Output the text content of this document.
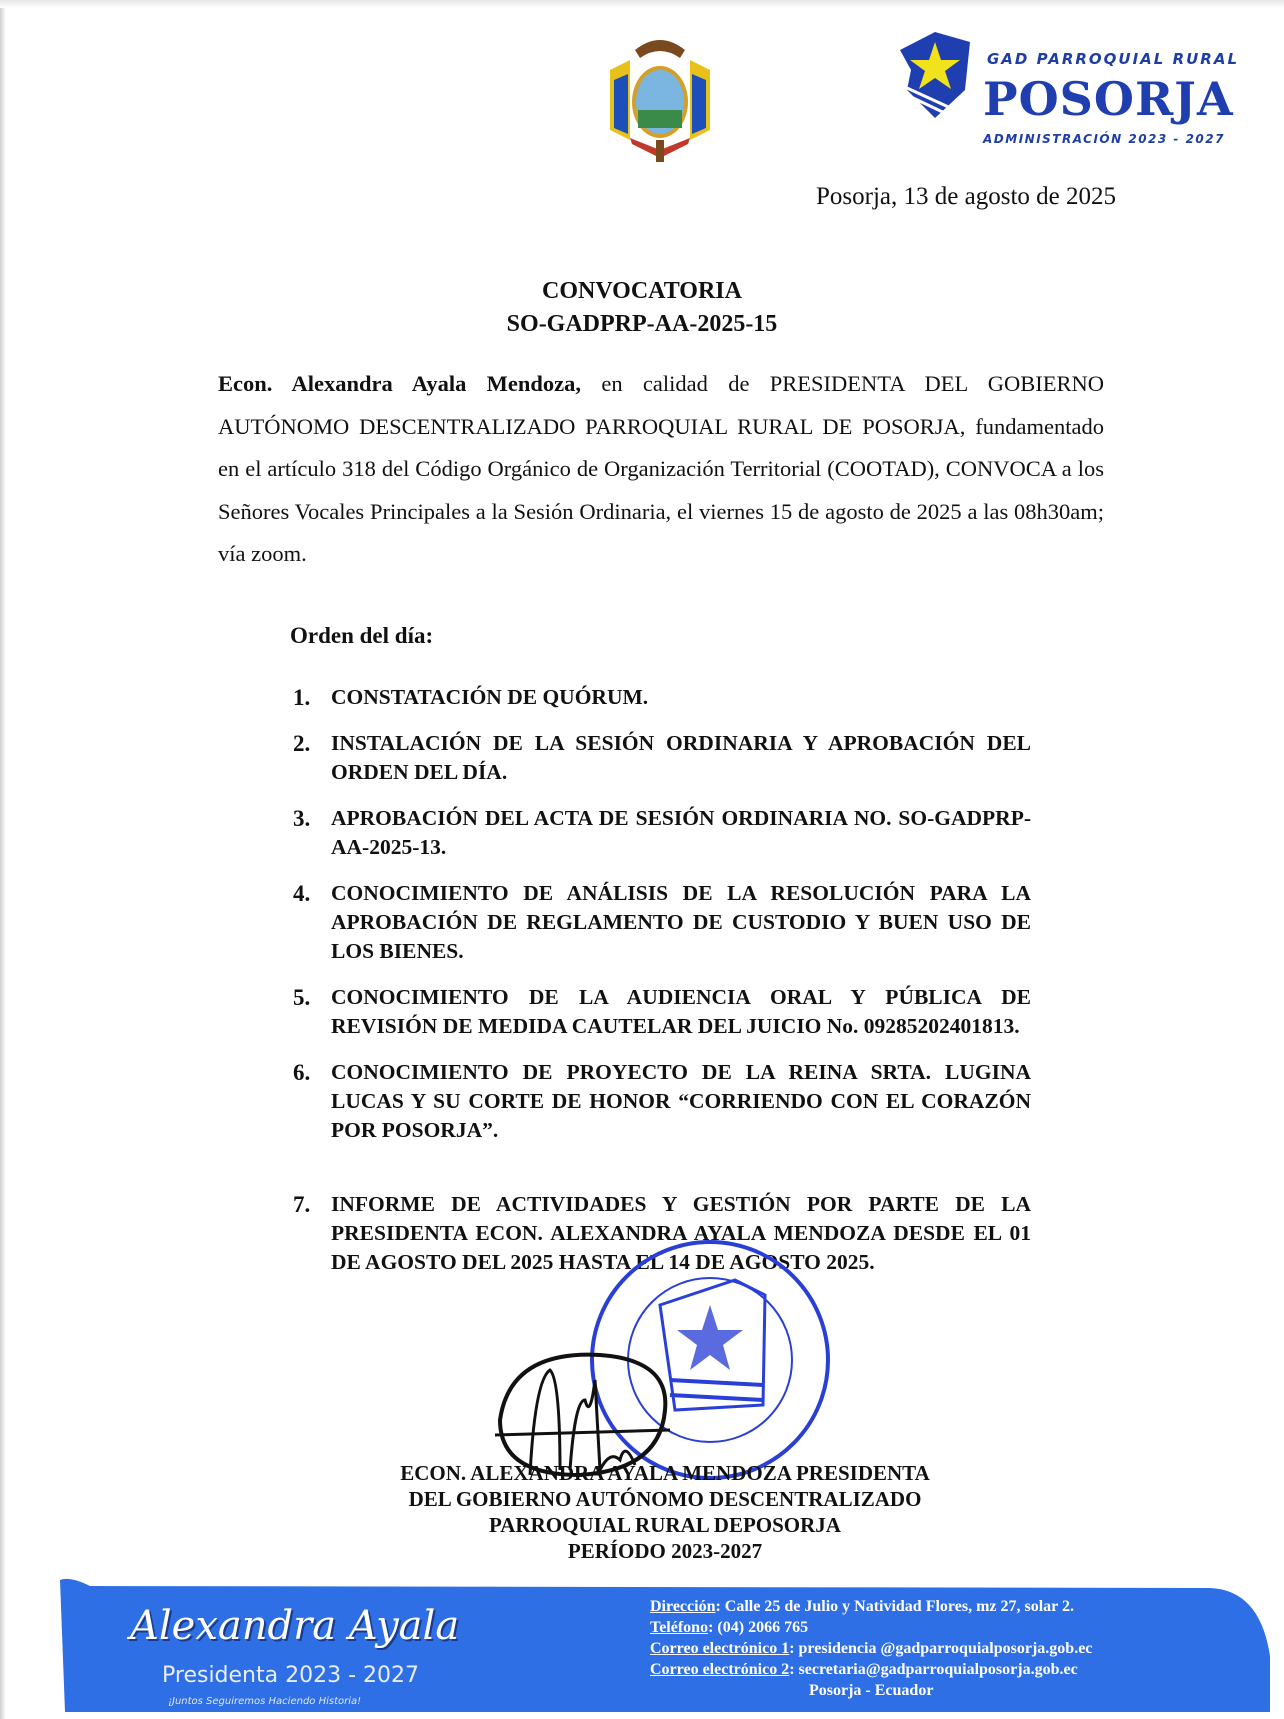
GAD PARROQUIAL RURAL
POSORJA
ADMINISTRACIÓN 2023 - 2027
Posorja, 13 de agosto de 2025
CONVOCATORIA
SO-GADPRP-AA-2025-15
Econ. Alexandra Ayala Mendoza, en calidad de PRESIDENTA DEL GOBIERNO AUTÓNOMO DESCENTRALIZADO PARROQUIAL RURAL DE POSORJA, fundamentado en el artículo 318 del Código Orgánico de Organización Territorial (COOTAD), CONVOCA a los Señores Vocales Principales a la Sesión Ordinaria, el viernes 15 de agosto de 2025 a las 08h30am; vía zoom.
Orden del día:
1. CONSTATACIÓN DE QUÓRUM.
2. INSTALACIÓN DE LA SESIÓN ORDINARIA Y APROBACIÓN DEL ORDEN DEL DÍA.
3. APROBACIÓN DEL ACTA DE SESIÓN ORDINARIA NO. SO-GADPRP-AA-2025-13.
4. CONOCIMIENTO DE ANÁLISIS DE LA RESOLUCIÓN PARA LA APROBACIÓN DE REGLAMENTO DE CUSTODIO Y BUEN USO DE LOS BIENES.
5. CONOCIMIENTO DE LA AUDIENCIA ORAL Y PÚBLICA DE REVISIÓN DE MEDIDA CAUTELAR DEL JUICIO No. 09285202401813.
6. CONOCIMIENTO DE PROYECTO DE LA REINA SRTA. LUGINA LUCAS Y SU CORTE DE HONOR “CORRIENDO CON EL CORAZÓN POR POSORJA”.
7. INFORME DE ACTIVIDADES Y GESTIÓN POR PARTE DE LA PRESIDENTA ECON. ALEXANDRA AYALA MENDOZA DESDE EL 01 DE AGOSTO DEL 2025 HASTA EL 14 DE AGOSTO 2025.
ECON. ALEXANDRA AYALA MENDOZA PRESIDENTA
DEL GOBIERNO AUTÓNOMO DESCENTRALIZADO
PARROQUIAL RURAL DEPOSORJA
PERÍODO 2023-2027
Alexandra Ayala
Presidenta 2023 - 2027
¡Juntos Seguiremos Haciendo Historia!
Dirección: Calle 25 de Julio y Natividad Flores, mz 27, solar 2.
Teléfono: (04) 2066 765
Correo electrónico 1: presidencia @gadparroquialposorja.gob.ec
Correo electrónico 2: secretaria@gadparroquialposorja.gob.ec
Posorja - Ecuador
